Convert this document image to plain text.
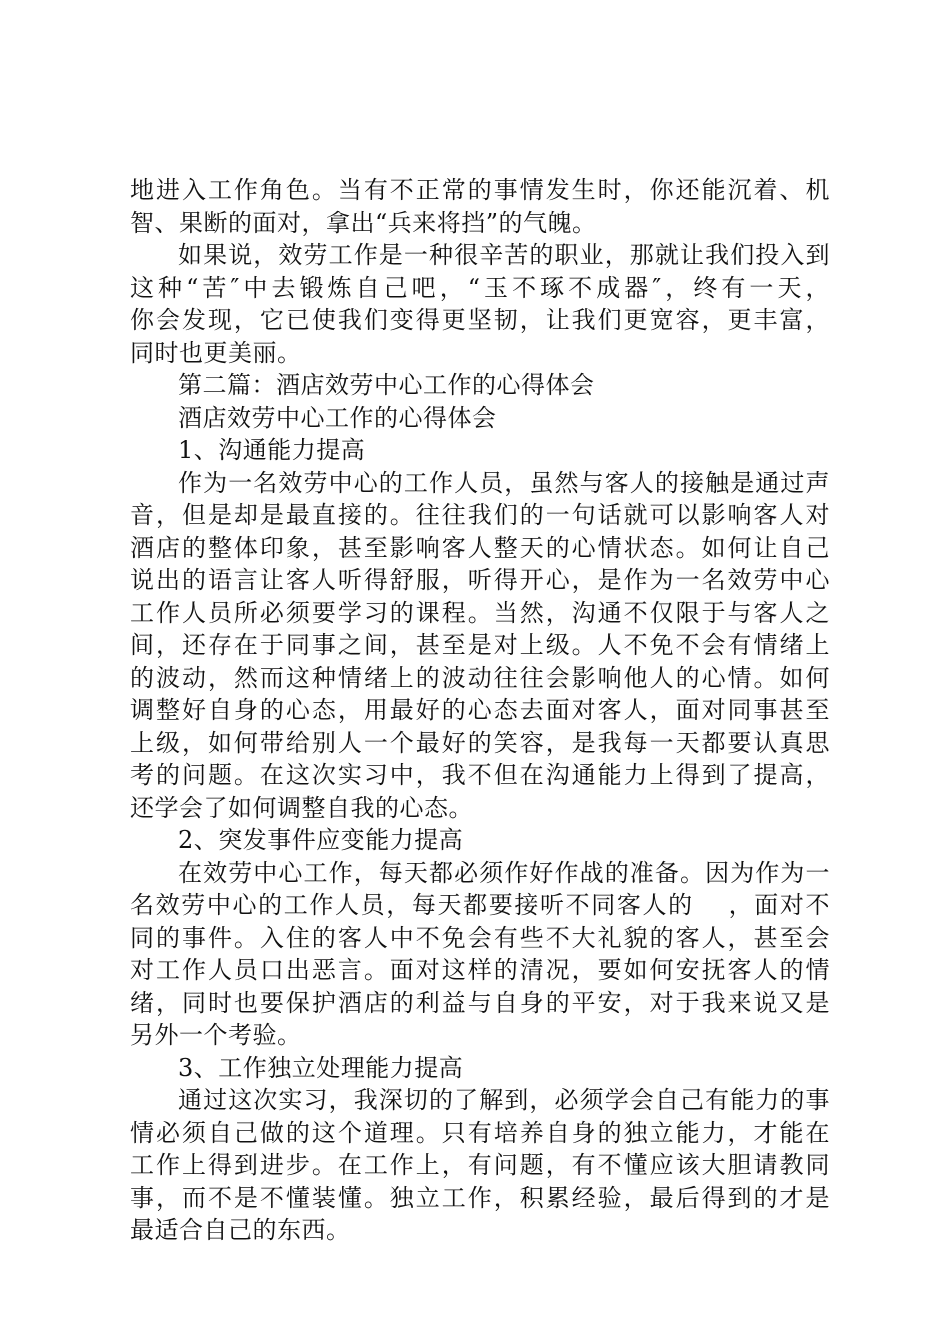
地进入工作角色。当有不正常的事情发生时，你还能沉着、机
智、果断的面对，拿出“兵来将挡”的气魄。
如果说，效劳工作是一种很辛苦的职业，那就让我们投入到
这种“苦″中去锻炼自己吧，“玉不琢不成器″，终有一天，
你会发现，它已使我们变得更坚韧，让我们更宽容，更丰富，
同时也更美丽。
第二篇：酒店效劳中心工作的心得体会
酒店效劳中心工作的心得体会
1、沟通能力提高
作为一名效劳中心的工作人员，虽然与客人的接触是通过声
音，但是却是最直接的。往往我们的一句话就可以影响客人对
酒店的整体印象，甚至影响客人整天的心情状态。如何让自己
说出的语言让客人听得舒服，听得开心，是作为一名效劳中心
工作人员所必须要学习的课程。当然，沟通不仅限于与客人之
间，还存在于同事之间，甚至是对上级。人不免不会有情绪上
的波动，然而这种情绪上的波动往往会影响他人的心情。如何
调整好自身的心态，用最好的心态去面对客人，面对同事甚至
上级，如何带给别人一个最好的笑容，是我每一天都要认真思
考的问题。在这次实习中，我不但在沟通能力上得到了提高，
还学会了如何调整自我的心态。
2、突发事件应变能力提高
在效劳中心工作，每天都必须作好作战的准备。因为作为一
名效劳中心的工作人员，每天都要接听不同客人的　 ，面对不
同的事件。入住的客人中不免会有些不大礼貌的客人，甚至会
对工作人员口出恶言。面对这样的清况，要如何安抚客人的情
绪，同时也要保护酒店的利益与自身的平安，对于我来说又是
另外一个考验。
3、工作独立处理能力提高
通过这次实习，我深切的了解到，必须学会自己有能力的事
情必须自己做的这个道理。只有培养自身的独立能力，才能在
工作上得到进步。在工作上，有问题，有不懂应该大胆请教同
事，而不是不懂装懂。独立工作，积累经验，最后得到的才是
最适合自己的东西。
